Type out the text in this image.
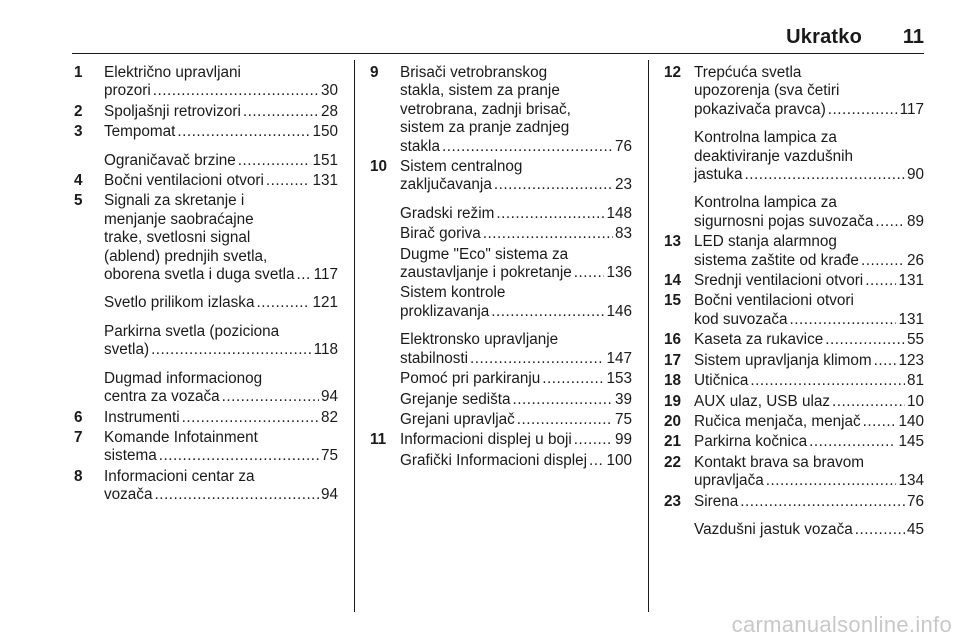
Ukratko 11
1	Električno upravljani
prozori .....	30
2	Spoljašnji retrovizori .....	28
3	Tempomat .....	150
Ograničavač brzine .....	151
4	Bočni ventilacioni otvori .....	131
5	Signali za skretanje i
menjanje saobraćajne
trake, svetlosni signal
(ablend) prednjih svetla,
oborena svetla i duga svetla ..... 117
Svetlo prilikom izlaska .....	121
Parkirna svetla (poziciona
svetla) .....	118
Dugmad informacionog
centra za vozača .....	94
6	Instrumenti .....	82
7	Komande Infotainment
sistema .....	75
8	Informacioni centar za
vozača .....	94
9	Brisači vetrobranskog
stakla, sistem za pranje
vetrobrana, zadnji brisač,
sistem za pranje zadnjeg
stakla .....	76
10 Sistem centralnog
zaključavanja .....	23
Gradski režim .....	148
Birač goriva .....	83
Dugme "Eco" sistema za
zaustavljanje i pokretanje ..... 136
Sistem kontrole
proklizavanja .....	146
Elektronsko upravljanje
stabilnosti .....	147
Pomoć pri parkiranju .....	153
Grejanje sedišta .....	39
Grejani upravljač .....	75
11 Informacioni displej u boji .....	99
Grafički Informacioni displej ..... 100
12 Trepćuća svetla
upozorenja (sva četiri
pokazivača pravca) .....	117
Kontrolna lampica za
deaktiviranje vazdušnih
jastuka .....	90
Kontrolna lampica za
sigurnosni pojas suvozača ..... 89
13 LED stanja alarmnog
sistema zaštite od krađe .....	26
14 Srednji ventilacioni otvori ..... 131
15 Bočni ventilacioni otvori
kod suvozača .....	131
16 Kaseta za rukavice .....	55
17 Sistem upravljanja klimom ..... 123
18 Utičnica .....	81
19 AUX ulaz, USB ulaz .....	10
20 Ručica menjača, menjač ..... 140
21 Parkirna kočnica .....	145
22 Kontakt brava sa bravom
upravljača .....	134
23 Sirena .....	76
Vazdušni jastuk vozača .....	45
carmanualsonline.info
